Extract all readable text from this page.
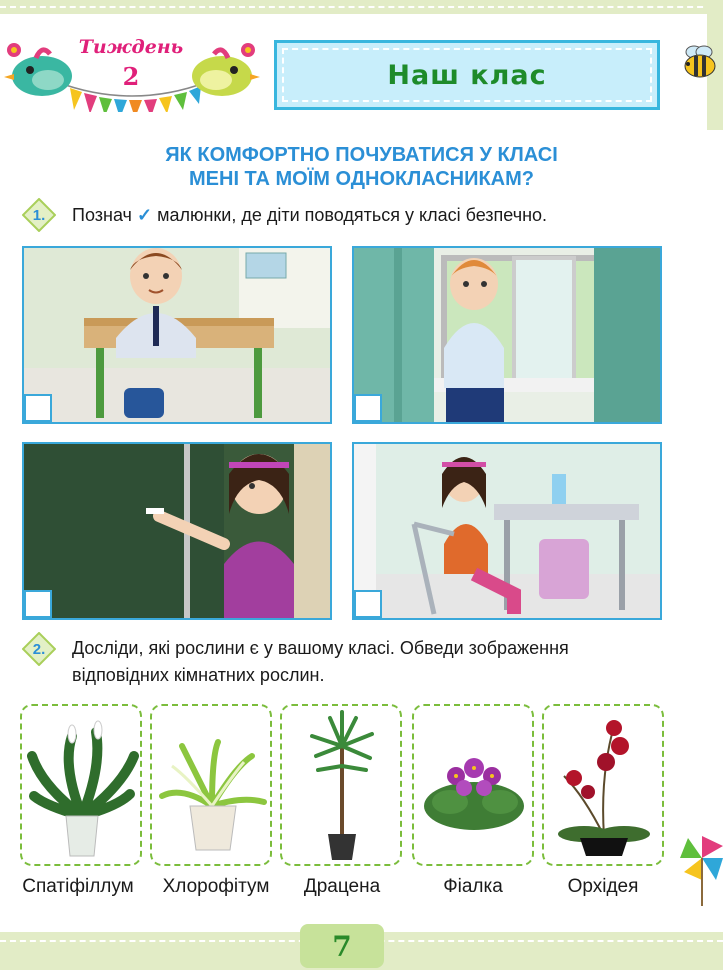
Тиждень
2	Наш клас
ЯК КОМФОРТНО ПОЧУВАТИСЯ У КЛАСІ
МЕНІ ТА МОЇМ ОДНОКЛАСНИКАМ?
1.	Познач ✓ малюнки, де діти поводяться у класі безпечно.
2.	Досліди, які рослини є у вашому класі. Обведи зображення
відповідних кімнатних рослин.
Спатіфіллум	Хлорофітум	Драцена	Фіалка	Орхідея
7
